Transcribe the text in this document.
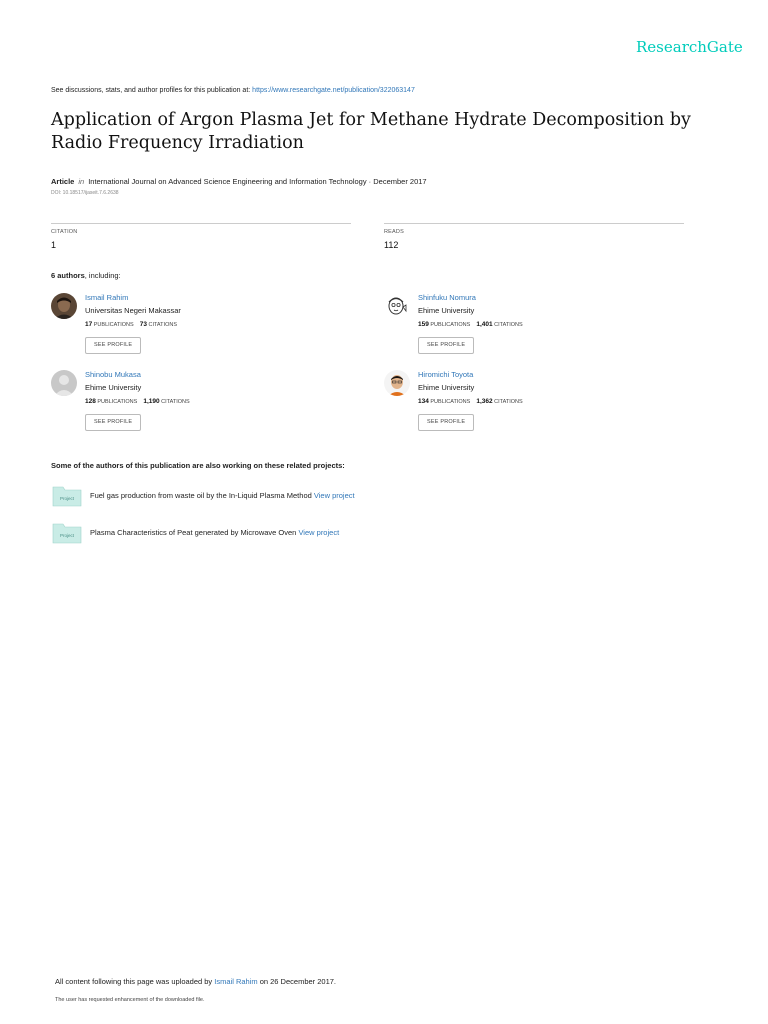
ResearchGate
See discussions, stats, and author profiles for this publication at: https://www.researchgate.net/publication/322063147
Application of Argon Plasma Jet for Methane Hydrate Decomposition by Radio Frequency Irradiation
Article in International Journal on Advanced Science Engineering and Information Technology · December 2017
DOI: 10.18517/ijaseit.7.6.2638
CITATION
1
READS
112
6 authors, including:
Ismail Rahim
Universitas Negeri Makassar
17 PUBLICATIONS 73 CITATIONS
SEE PROFILE
Shinfuku Nomura
Ehime University
159 PUBLICATIONS 1,401 CITATIONS
SEE PROFILE
Shinobu Mukasa
Ehime University
128 PUBLICATIONS 1,190 CITATIONS
SEE PROFILE
Hiromichi Toyota
Ehime University
134 PUBLICATIONS 1,362 CITATIONS
SEE PROFILE
Some of the authors of this publication are also working on these related projects:
Project Fuel gas production from waste oil by the In-Liquid Plasma Method View project
Project Plasma Characteristics of Peat generated by Microwave Oven View project
All content following this page was uploaded by Ismail Rahim on 26 December 2017.
The user has requested enhancement of the downloaded file.
